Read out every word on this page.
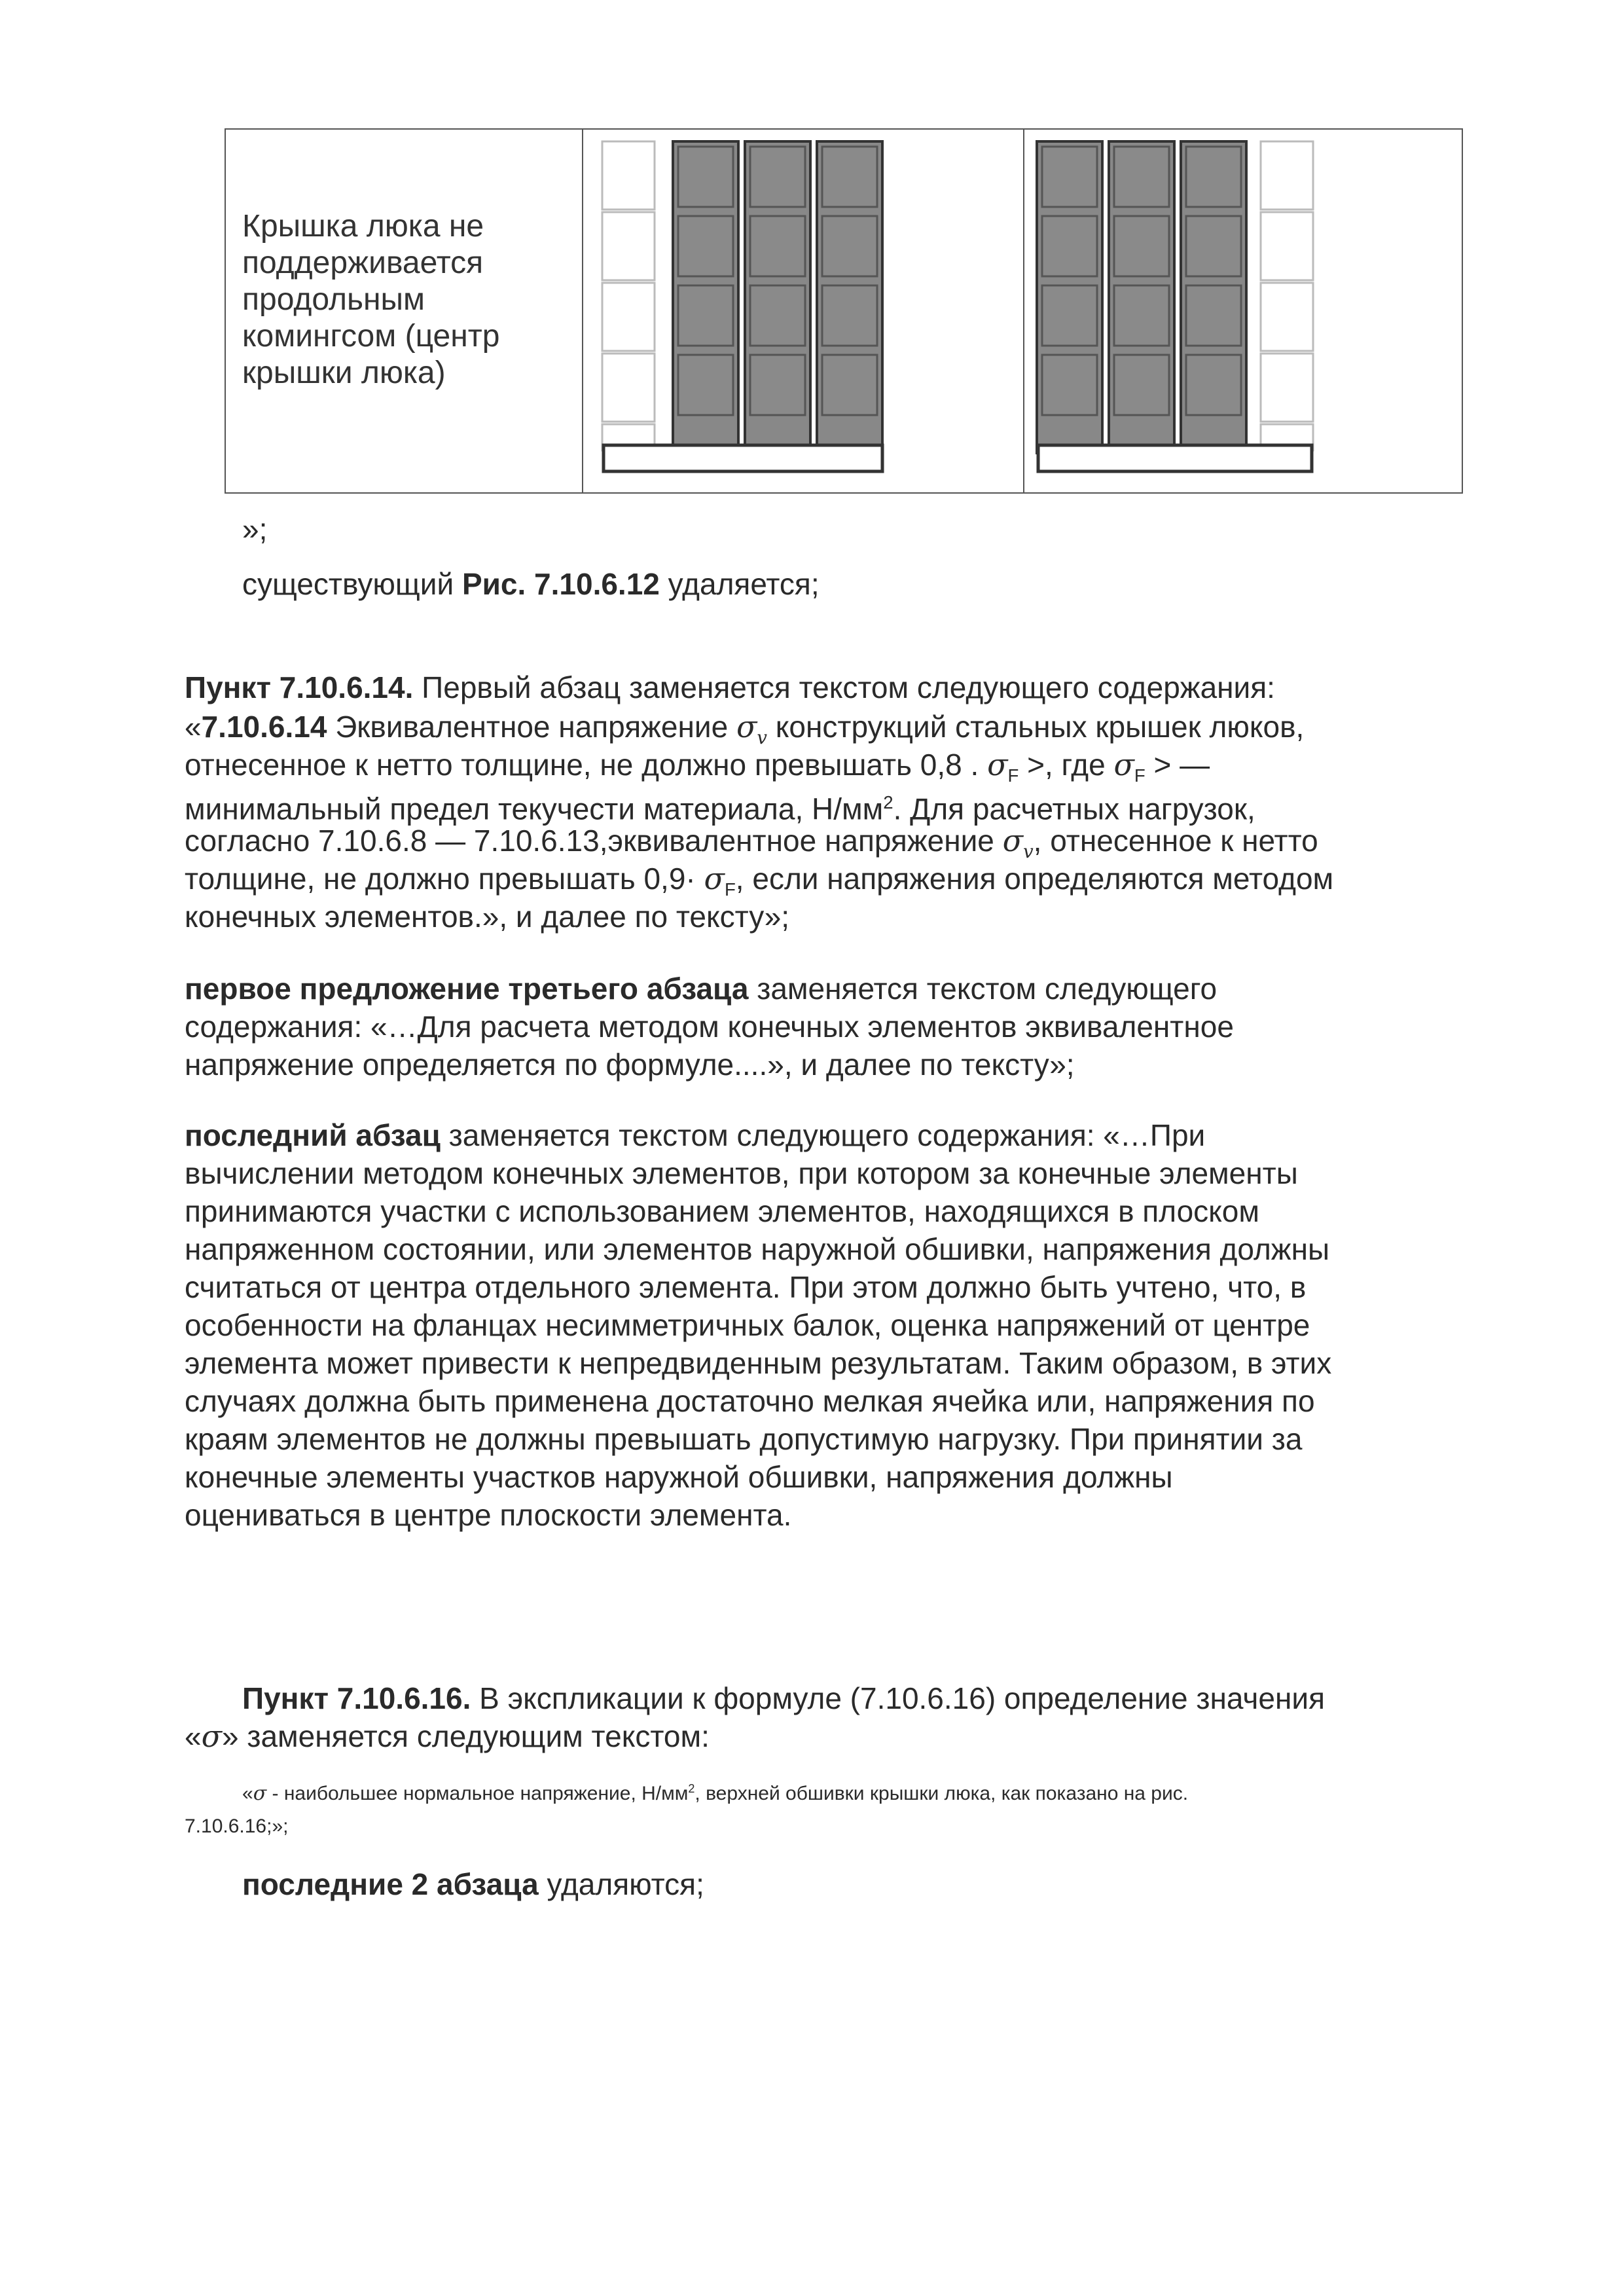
Крышка люка не
поддерживается
продольным
комингсом (центр
крышки люка)
»;
существующий Рис. 7.10.6.12 удаляется;
Пункт 7.10.6.14. Первый абзац заменяется текстом следующего содержания:
«7.10.6.14 Эквивалентное напряжение $\sigma_v$ конструкций стальных крышек люков,
отнесенное к нетто толщине, не должно превышать 0,8 . $\sigma_F$ >, где $\sigma_F$ > —
минимальный предел текучести материала, $Н/мм^2$. Для расчетных нагрузок,
согласно 7.10.6.8 — 7.10.6.13,эквивалентное напряжение $\sigma_v$, отнесенное к нетто
толщине, не должно превышать $0,9\cdot \sigma_F$, если напряжения определяются методом
конечных элементов.», и далее по тексту»;
первое предложение третьего абзаца заменяется текстом следующего
содержания: «…Для расчета методом конечных элементов эквивалентное
напряжение определяется по формуле....», и далее по тексту»;
последний абзац заменяется текстом следующего содержания: «…При
вычислении методом конечных элементов, при котором за конечные элементы
принимаются участки с использованием элементов, находящихся в плоском
напряженном состоянии, или элементов наружной обшивки, напряжения должны
считаться от центра отдельного элемента. При этом должно быть учтено, что, в
особенности на фланцах несимметричных балок, оценка напряжений от центре
элемента может привести к непредвиденным результатам. Таким образом, в этих
случаях должна быть применена достаточно мелкая ячейка или, напряжения по
краям элементов не должны превышать допустимую нагрузку. При принятии за
конечные элементы участков наружной обшивки, напряжения должны
оцениваться в центре плоскости элемента.
Пункт 7.10.6.16. В экспликации к формуле (7.10.6.16) определение значения
«σ» заменяется следующим текстом:
«σ - наибольшее нормальное напряжение, $Н/мм^2$, верхней обшивки крышки люка, как показано на рис.
7.10.6.16;»;
последние 2 абзаца удаляются;
